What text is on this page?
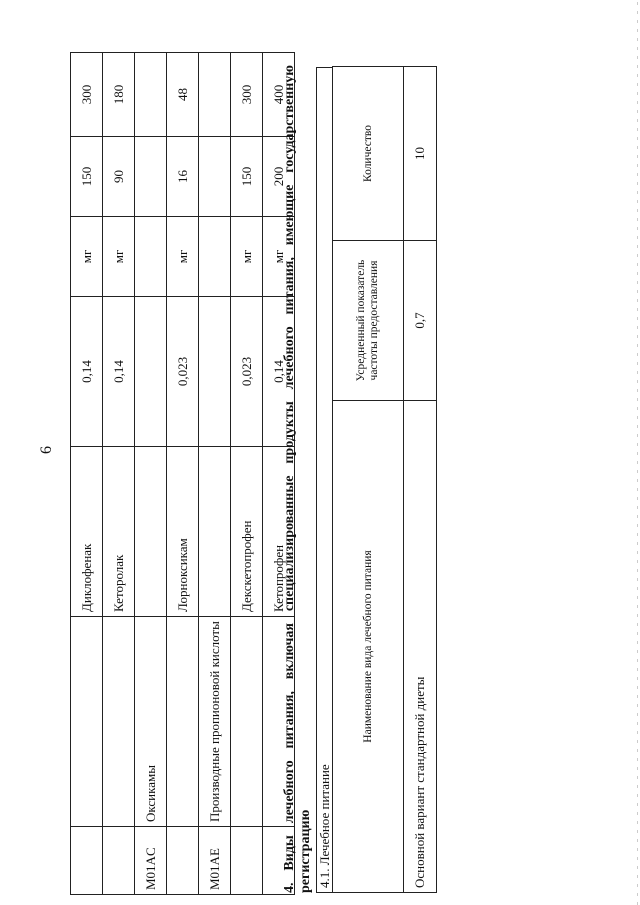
6
		Диклофенак	0,14	мг	150	300
		Кеторолак	0,14	мг	90	180
M01AC	Оксикамы					
		Лорноксикам	0,023	мг	16	48
M01AE	Производные пропионовой кислоты					
		Декскетопрофен	0,023	мг	150	300
		Кетопрофен	0,14	мг	200	400
4. Виды лечебного питания, включая специализированные продукты лечебного питания, имеющие государственную регистрацию 4.1. Лечебное питание
Наименование вида лечебного питания	Усредненный показатель частоты предоставления	Количество
Основной вариант стандартной диеты	0,7	10
